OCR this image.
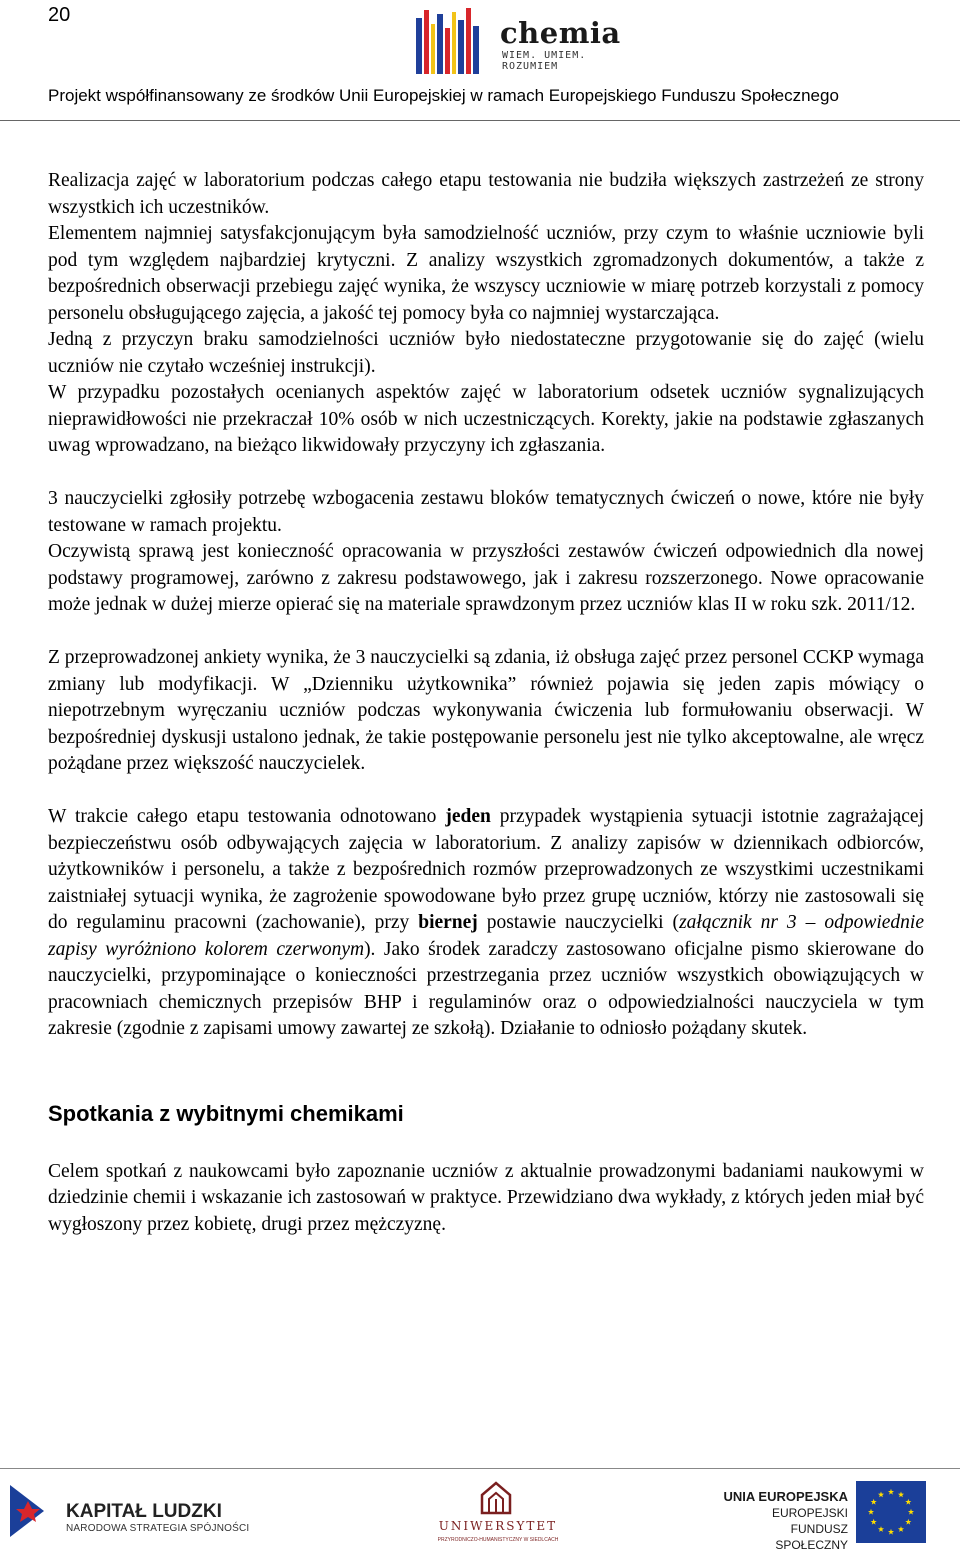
20
chemia
WIEM. UMIEM. ROZUMIEM
Projekt współfinansowany ze środków Unii Europejskiej w ramach Europejskiego Funduszu Społecznego

Realizacja zajęć w laboratorium podczas całego etapu testowania nie budziła większych zastrzeżeń ze strony wszystkich ich uczestników.

Elementem najmniej satysfakcjonującym była samodzielność uczniów, przy czym to właśnie uczniowie byli pod tym względem najbardziej krytyczni. Z analizy wszystkich zgromadzonych dokumentów, a także z bezpośrednich obserwacji przebiegu zajęć wynika, że wszyscy uczniowie w miarę potrzeb korzystali z pomocy personelu obsługującego zajęcia, a jakość tej pomocy była co najmniej wystarczająca.

Jedną z przyczyn braku samodzielności uczniów było niedostateczne przygotowanie się do zajęć (wielu uczniów nie czytało wcześniej instrukcji).

W przypadku pozostałych ocenianych aspektów zajęć w laboratorium odsetek uczniów sygnalizujących nieprawidłowości nie przekraczał 10% osób w nich uczestniczących. Korekty, jakie na podstawie zgłaszanych uwag wprowadzano, na bieżąco likwidowały przyczyny ich zgłaszania.

3 nauczycielki zgłosiły potrzebę wzbogacenia zestawu bloków tematycznych ćwiczeń o nowe, które nie były testowane w ramach projektu.

Oczywistą sprawą jest konieczność opracowania w przyszłości zestawów ćwiczeń odpowiednich dla nowej podstawy programowej, zarówno z zakresu podstawowego, jak i zakresu rozszerzonego. Nowe opracowanie może jednak w dużej mierze opierać się na materiale sprawdzonym przez uczniów klas II w roku szk. 2011/12.

Z przeprowadzonej ankiety wynika, że 3 nauczycielki są zdania, iż obsługa zajęć przez personel CCKP wymaga zmiany lub modyfikacji. W „Dzienniku użytkownika” również pojawia się jeden zapis mówiący o niepotrzebnym wyręczaniu uczniów podczas wykonywania ćwiczenia lub formułowaniu obserwacji. W bezpośredniej dyskusji ustalono jednak, że takie postępowanie personelu jest nie tylko akceptowalne, ale wręcz pożądane przez większość nauczycielek.

W trakcie całego etapu testowania odnotowano jeden przypadek wystąpienia sytuacji istotnie zagrażającej bezpieczeństwu osób odbywających zajęcia w laboratorium. Z analizy zapisów w dziennikach odbiorców, użytkowników i personelu, a także z bezpośrednich rozmów przeprowadzonych ze wszystkimi uczestnikami zaistniałej sytuacji wynika, że zagrożenie spowodowane było przez grupę uczniów, którzy nie zastosowali się do regulaminu pracowni (zachowanie), przy biernej postawie nauczycielki (załącznik nr 3 – odpowiednie zapisy wyróżniono kolorem czerwonym). Jako środek zaradczy zastosowano oficjalne pismo skierowane do nauczycielki, przypominające o konieczności przestrzegania przez uczniów wszystkich obowiązujących w pracowniach chemicznych przepisów BHP i regulaminów oraz o odpowiedzialności nauczyciela w tym zakresie (zgodnie z zapisami umowy zawartej ze szkołą). Działanie to odniosło pożądany skutek.

Spotkania z wybitnymi chemikami

Celem spotkań z naukowcami było zapoznanie uczniów z aktualnie prowadzonymi badaniami naukowymi w dziedzinie chemii i wskazanie ich zastosowań w praktyce. Przewidziano dwa wykłady, z których jeden miał być wygłoszony przez kobietę, drugi przez mężczyznę.

KAPITAŁ LUDZKI
NARODOWA STRATEGIA SPÓJNOŚCI	UNIWERSYTET
PRZYRODNICZO-HUMANISTYCZNY W SIEDLCACH
UNIA EUROPEJSKA
EUROPEJSKI
FUNDUSZ SPOŁECZNY
